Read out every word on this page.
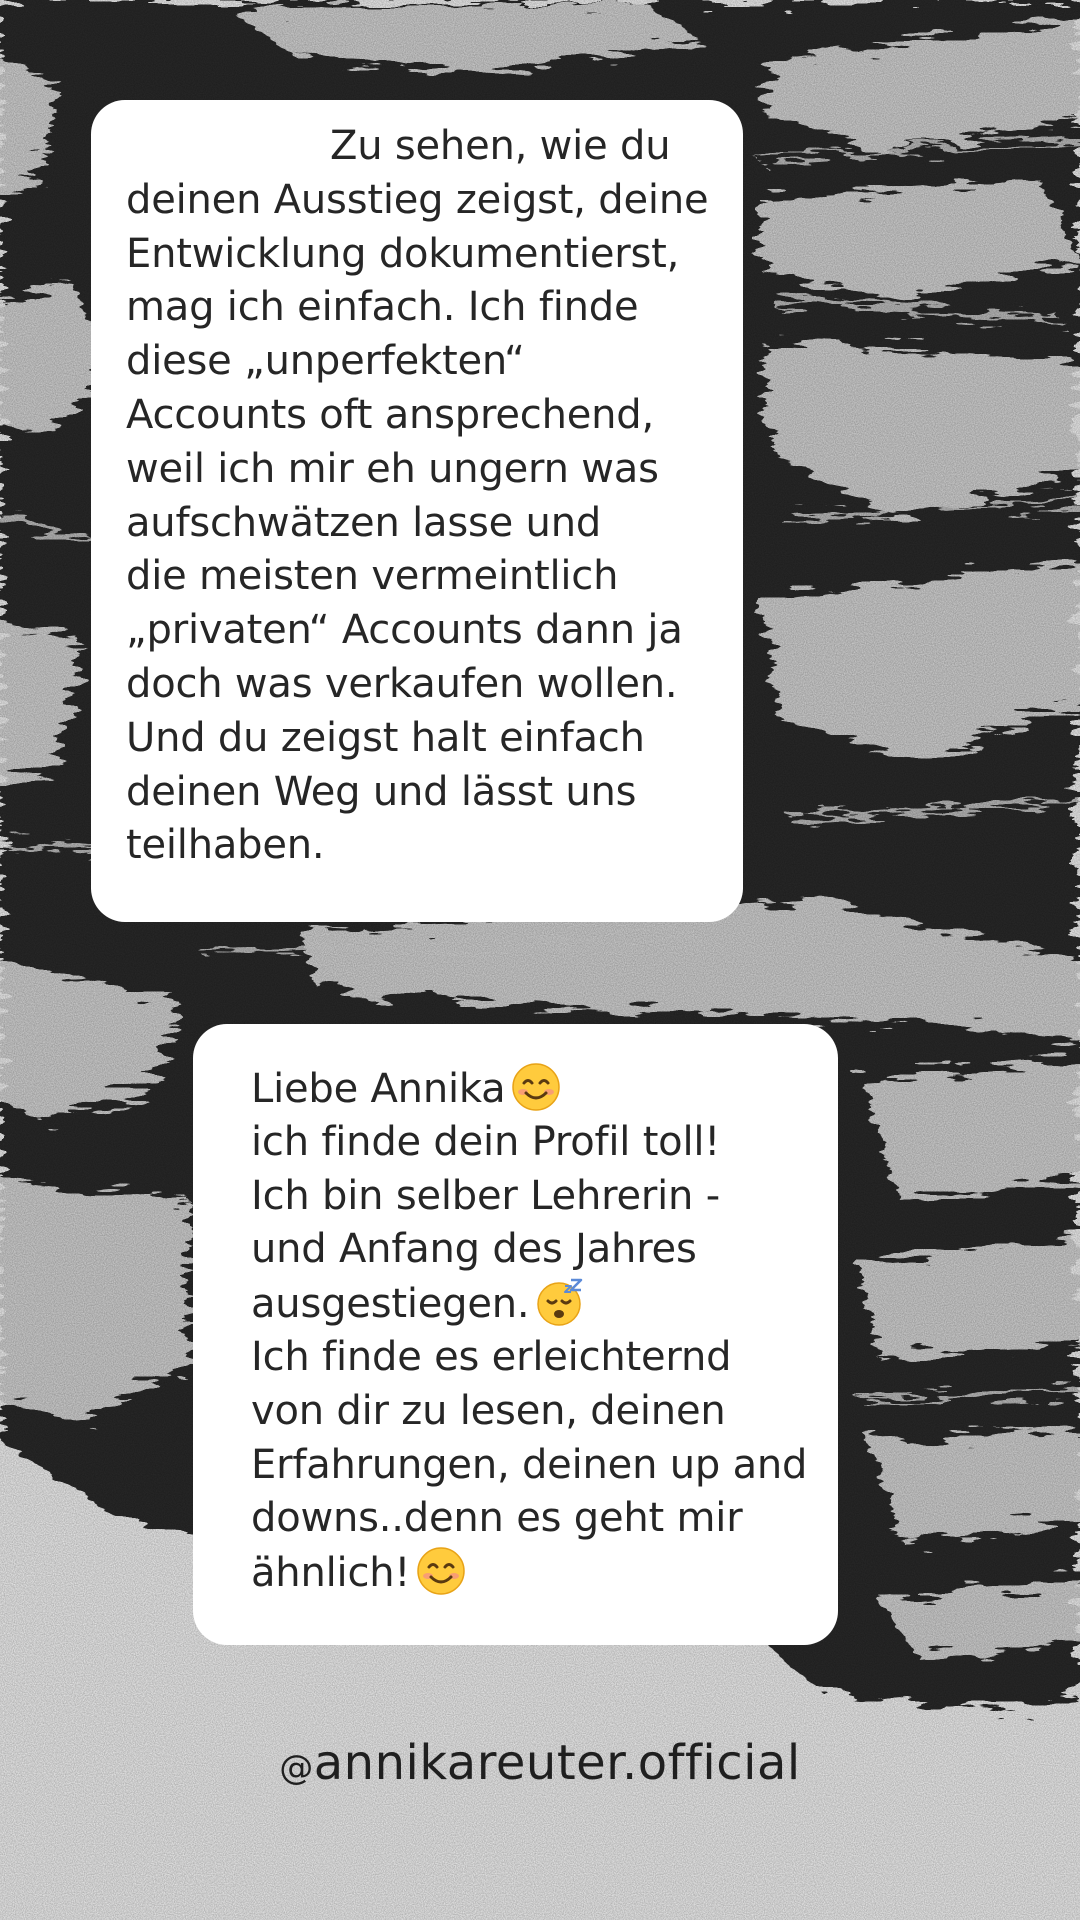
Zu sehen, wie du
deinen Ausstieg zeigst, deine
Entwicklung dokumentierst,
mag ich einfach. Ich finde
diese „unperfekten“
Accounts oft ansprechend,
weil ich mir eh ungern was
aufschwätzen lasse und
die meisten vermeintlich
„privaten“ Accounts dann ja
doch was verkaufen wollen.
Und du zeigst halt einfach
deinen Weg und lässt uns
teilhaben.
Liebe Annika
ich finde dein Profil toll!
Ich bin selber Lehrerin -
und Anfang des Jahres
ausgestiegen.
Ich finde es erleichternd
von dir zu lesen, deinen
Erfahrungen, deinen up and
downs..denn es geht mir
ähnlich!
@annikareuter.official
